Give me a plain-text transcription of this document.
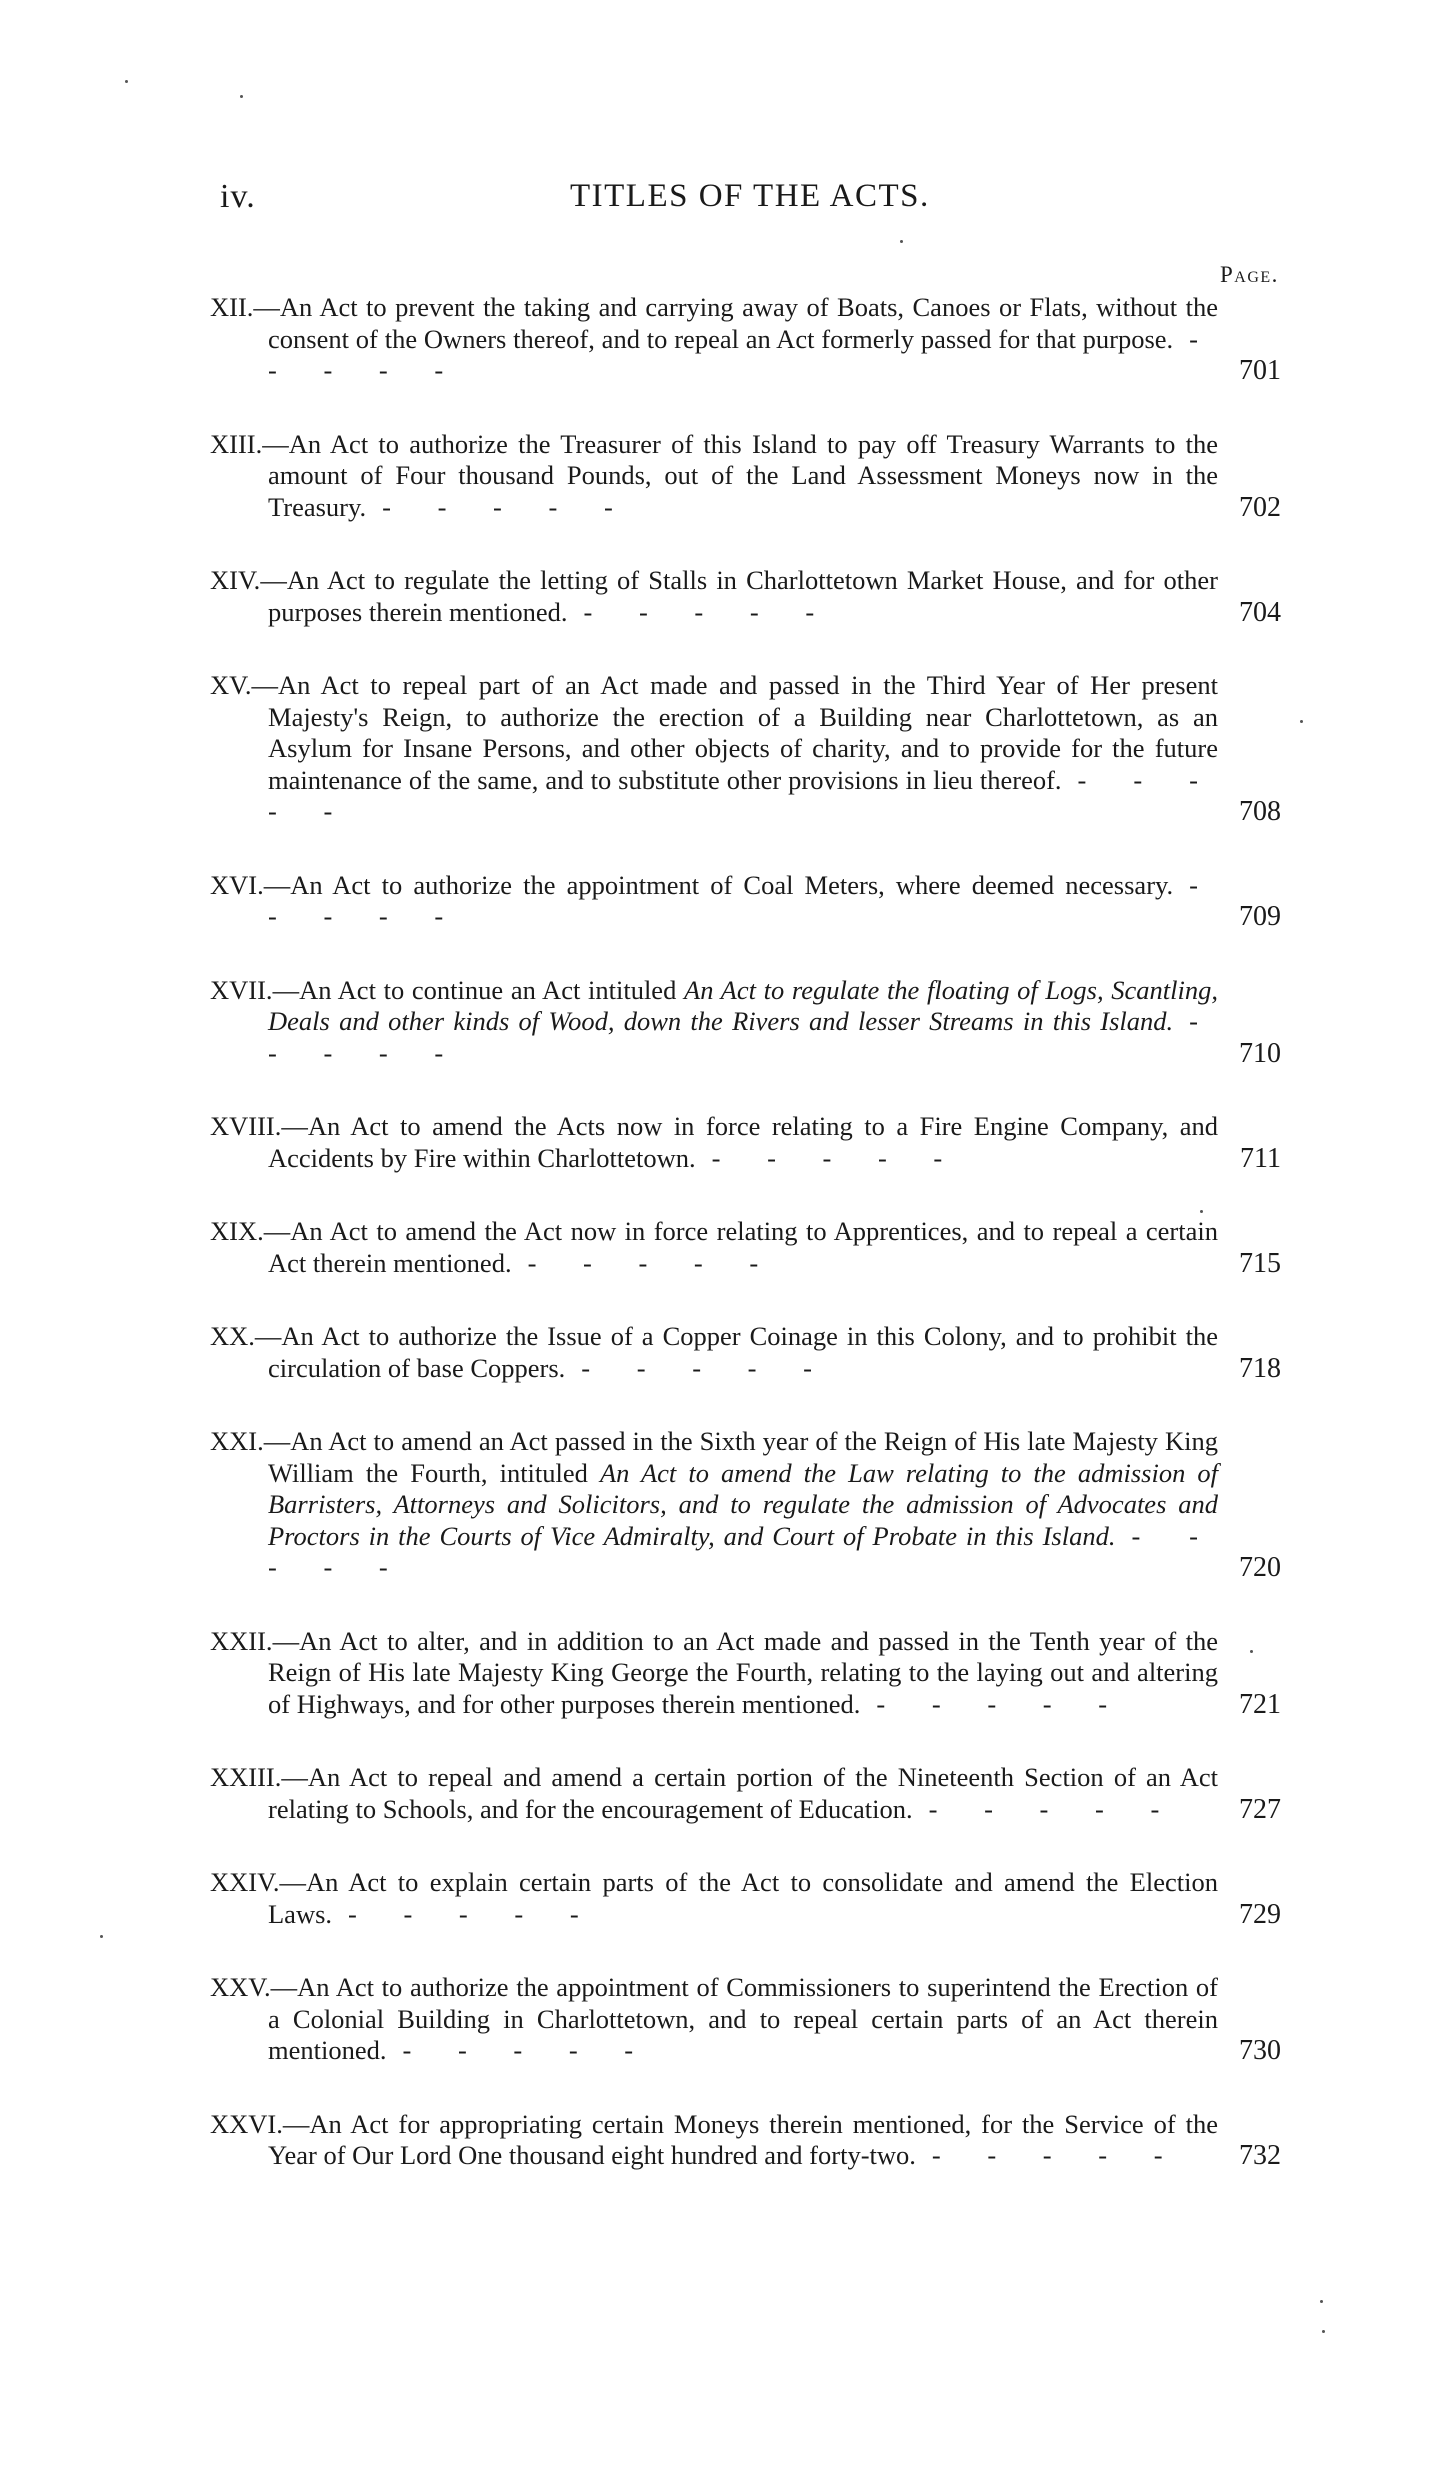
iv.	TITLES OF THE ACTS.
Page.
XII.—An Act to prevent the taking and carrying away of Boats, Canoes or Flats, without the consent of the Owners thereof, and to repeal an Act formerly passed for that purpose. - - - - -	701
XIII.—An Act to authorize the Treasurer of this Island to pay off Treasury Warrants to the amount of Four thousand Pounds, out of the Land Assessment Moneys now in the Treasury. - - - - -	702
XIV.—An Act to regulate the letting of Stalls in Charlottetown Market House, and for other purposes therein mentioned. - - - - -	704
XV.—An Act to repeal part of an Act made and passed in the Third Year of Her present Majesty's Reign, to authorize the erection of a Building near Charlottetown, as an Asylum for Insane Persons, and other objects of charity, and to provide for the future maintenance of the same, and to substitute other provisions in lieu thereof. - - - - -	708
XVI.—An Act to authorize the appointment of Coal Meters, where deemed necessary. - - - - -	709
XVII.—An Act to continue an Act intituled An Act to regulate the floating of Logs, Scantling, Deals and other kinds of Wood, down the Rivers and lesser Streams in this Island. - - - - -	710
XVIII.—An Act to amend the Acts now in force relating to a Fire Engine Company, and Accidents by Fire within Charlottetown. - - - - -	711
XIX.—An Act to amend the Act now in force relating to Apprentices, and to repeal a certain Act therein mentioned. - - - - -	715
XX.—An Act to authorize the Issue of a Copper Coinage in this Colony, and to prohibit the circulation of base Coppers. - - - - -	718
XXI.—An Act to amend an Act passed in the Sixth year of the Reign of His late Majesty King William the Fourth, intituled An Act to amend the Law relating to the admission of Barristers, Attorneys and Solicitors, and to regulate the admission of Advocates and Proctors in the Courts of Vice Admiralty, and Court of Probate in this Island. - - - - -	720
XXII.—An Act to alter, and in addition to an Act made and passed in the Tenth year of the Reign of His late Majesty King George the Fourth, relating to the laying out and altering of Highways, and for other purposes therein mentioned. - - - - -	721
XXIII.—An Act to repeal and amend a certain portion of the Nineteenth Section of an Act relating to Schools, and for the encouragement of Education. - - - - -	727
XXIV.—An Act to explain certain parts of the Act to consolidate and amend the Election Laws. - - - - -	729
XXV.—An Act to authorize the appointment of Commissioners to superintend the Erection of a Colonial Building in Charlottetown, and to repeal certain parts of an Act therein mentioned. - - - - -	730
XXVI.—An Act for appropriating certain Moneys therein mentioned, for the Service of the Year of Our Lord One thousand eight hundred and forty-two. - - - - -	732
